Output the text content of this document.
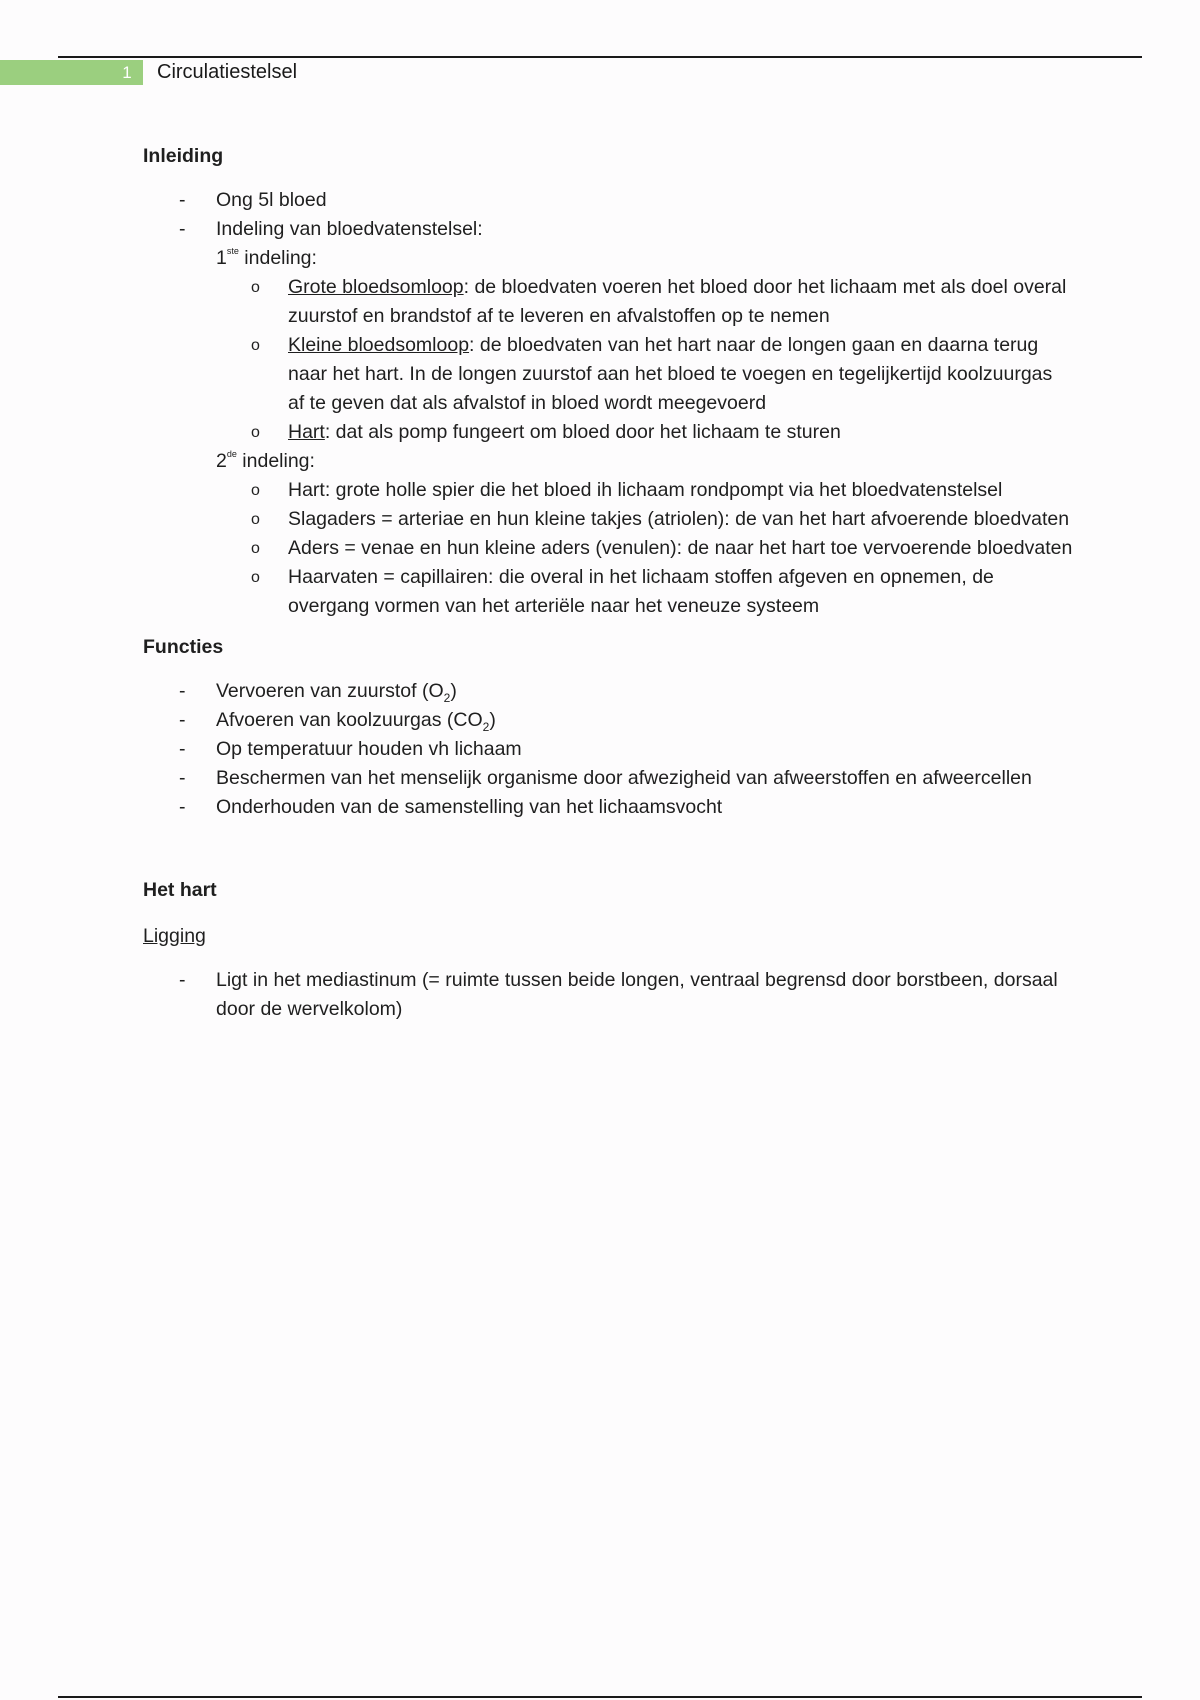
1 Circulatiestelsel

Inleiding

- Ong 5l bloed
- Indeling van bloedvatenstelsel:
1ste indeling:
o Grote bloedsomloop: de bloedvaten voeren het bloed door het lichaam met als doel overal zuurstof en brandstof af te leveren en afvalstoffen op te nemen
o Kleine bloedsomloop: de bloedvaten van het hart naar de longen gaan en daarna terug naar het hart. In de longen zuurstof aan het bloed te voegen en tegelijkertijd koolzuurgas af te geven dat als afvalstof in bloed wordt meegevoerd
o Hart: dat als pomp fungeert om bloed door het lichaam te sturen
2de indeling:
o Hart: grote holle spier die het bloed ih lichaam rondpompt via het bloedvatenstelsel
o Slagaders = arteriae en hun kleine takjes (atriolen): de van het hart afvoerende bloedvaten
o Aders = venae en hun kleine aders (venulen): de naar het hart toe vervoerende bloedvaten
o Haarvaten = capillairen: die overal in het lichaam stoffen afgeven en opnemen, de overgang vormen van het arteriële naar het veneuze systeem

Functies

- Vervoeren van zuurstof $(O_2)$
- Afvoeren van koolzuurgas $(CO_2)$
- Op temperatuur houden vh lichaam
- Beschermen van het menselijk organisme door afwezigheid van afweerstoffen en afweercellen
- Onderhouden van de samenstelling van het lichaamsvocht

Het hart

Ligging

- Ligt in het mediastinum (= ruimte tussen beide longen, ventraal begrensd door borstbeen, dorsaal door de wervelkolom)
